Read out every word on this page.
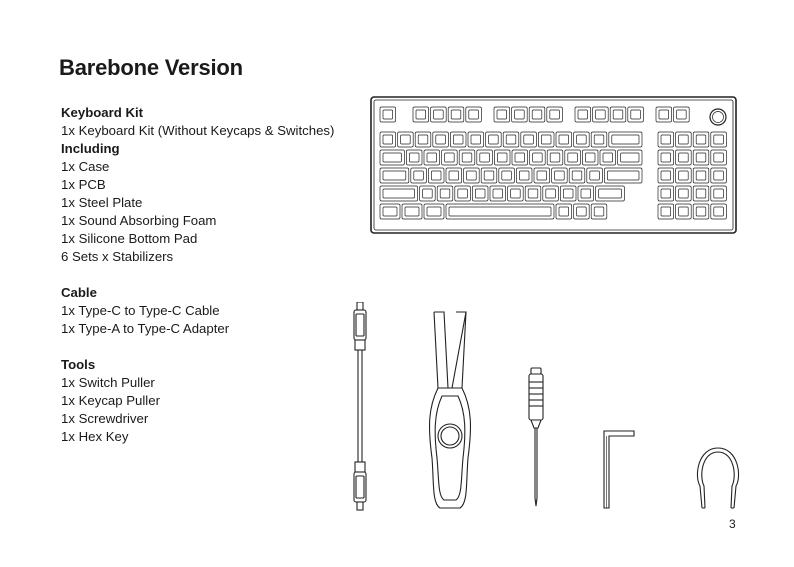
Barebone Version
Keyboard Kit
1x Keyboard Kit (Without Keycaps & Switches)
Including
1x Case
1x PCB
1x Steel Plate
1x Sound Absorbing Foam
1x Silicone Bottom Pad
6 Sets x Stabilizers
Cable
1x Type-C to Type-C Cable
1x Type-A to Type-C Adapter
Tools
1x Switch Puller
1x Keycap Puller
1x Screwdriver
1x Hex Key
3
